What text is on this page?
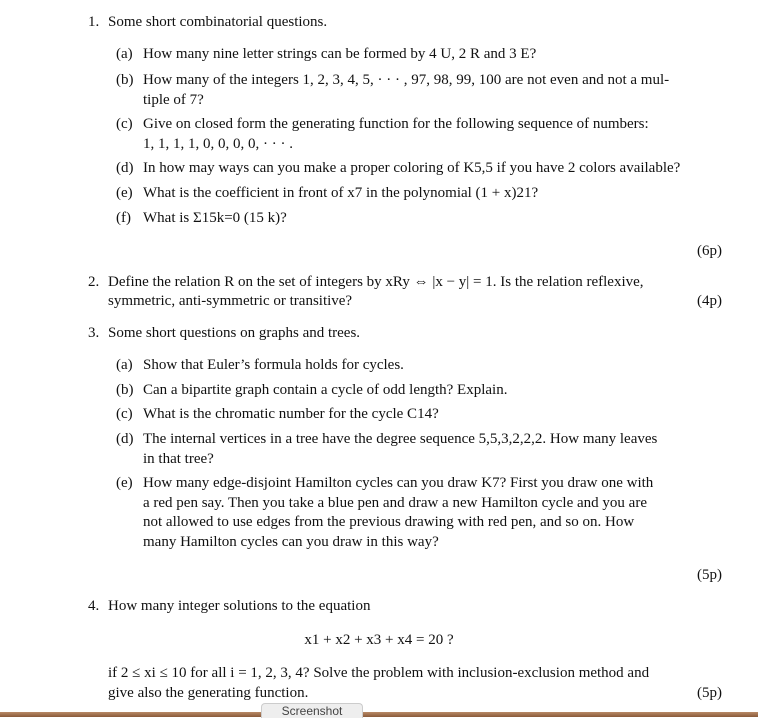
1. Some short combinatorial questions.
(a) How many nine letter strings can be formed by 4 U, 2 R and 3 E?
(b) How many of the integers 1, 2, 3, 4, 5, · · · , 97, 98, 99, 100 are not even and not a mul-
tiple of 7?
(c) Give on closed form the generating function for the following sequence of numbers:
1, 1, 1, 1, 0, 0, 0, 0, · · · .
(d) In how may ways can you make a proper coloring of K5,5 if you have 2 colors available?
(e) What is the coefficient in front of x7 in the polynomial (1 + x)21?
(f) What is Σ15k=0 (15 k)?
(6p)
2. Define the relation R on the set of integers by xRy ⇔ |x − y| = 1. Is the relation reflexive,
symmetric, anti-symmetric or transitive?	(4p)
3. Some short questions on graphs and trees.
(a) Show that Euler’s formula holds for cycles.
(b) Can a bipartite graph contain a cycle of odd length? Explain.
(c) What is the chromatic number for the cycle C14?
(d) The internal vertices in a tree have the degree sequence 5,5,3,2,2,2. How many leaves
in that tree?
(e) How many edge-disjoint Hamilton cycles can you draw K7? First you draw one with
a red pen say. Then you take a blue pen and draw a new Hamilton cycle and you are
not allowed to use edges from the previous drawing with red pen, and so on. How
many Hamilton cycles can you draw in this way?
(5p)
4. How many integer solutions to the equation
x1 + x2 + x3 + x4 = 20 ?
if 2 ≤ xi ≤ 10 for all i = 1, 2, 3, 4? Solve the problem with inclusion-exclusion method and
give also the generating function.	(5p)
Screenshot
